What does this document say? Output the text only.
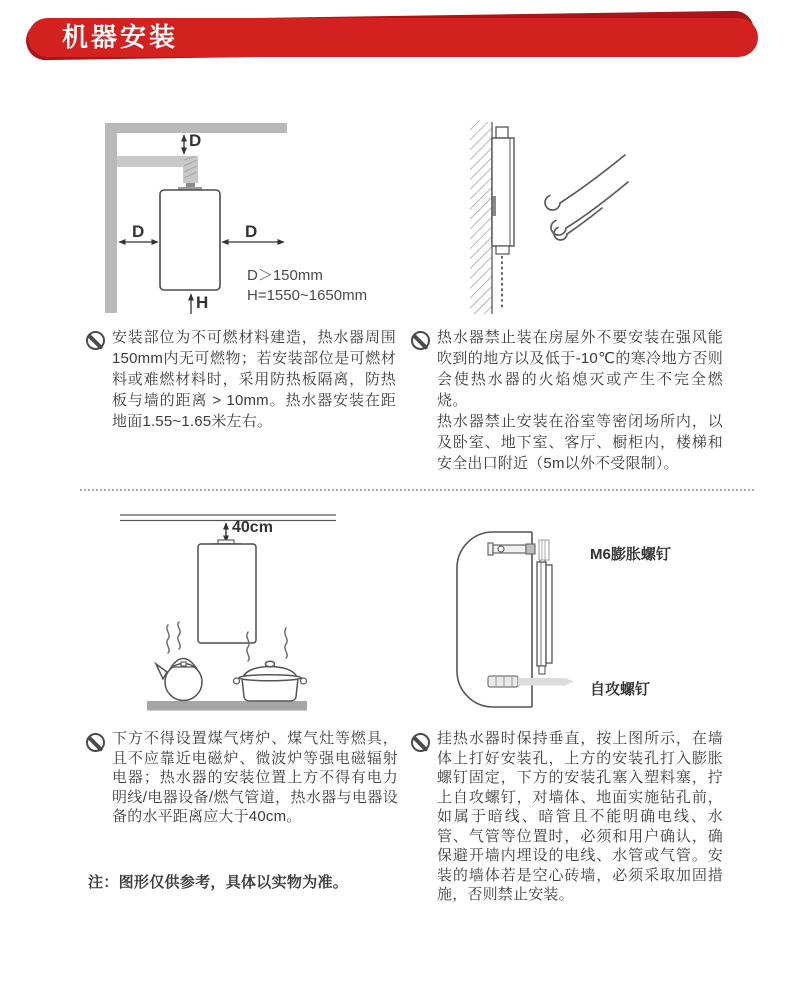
机器安装
D
D	D
H
D＞150mm
H=1550~1650mm

安装部位为不可燃材料建造，热水器周围150mm内无可燃物；若安装部位是可燃材料或难燃材料时，采用防热板隔离，防热板与墙的距离 > 10mm。热水器安装在距地面1.55~1.65米左右。

热水器禁止装在房屋外不要安装在强风能吹到的地方以及低于-10℃的寒冷地方否则会使热水器的火焰熄灭或产生不完全燃烧。

热水器禁止安装在浴室等密闭场所内，以及卧室、地下室、客厅、橱柜内，楼梯和安全出口附近（5m以外不受限制）。

40cm
M6膨胀螺钉
自攻螺钉

下方不得设置煤气烤炉、煤气灶等燃具，且不应靠近电磁炉、微波炉等强电磁辐射电器；热水器的安装位置上方不得有电力明线/电器设备/燃气管道，热水器与电器设备的水平距离应大于40cm。

挂热水器时保持垂直，按上图所示，在墙体上打好安装孔，上方的安装孔打入膨胀螺钉固定，下方的安装孔塞入塑料塞，拧上自攻螺钉，对墙体、地面实施钻孔前，如属于暗线、暗管且不能明确电线、水管、气管等位置时，必须和用户确认，确保避开墙内埋设的电线、水管或气管。安装的墙体若是空心砖墙，必须采取加固措施，否则禁止安装。

注：图形仅供参考，具体以实物为准。
